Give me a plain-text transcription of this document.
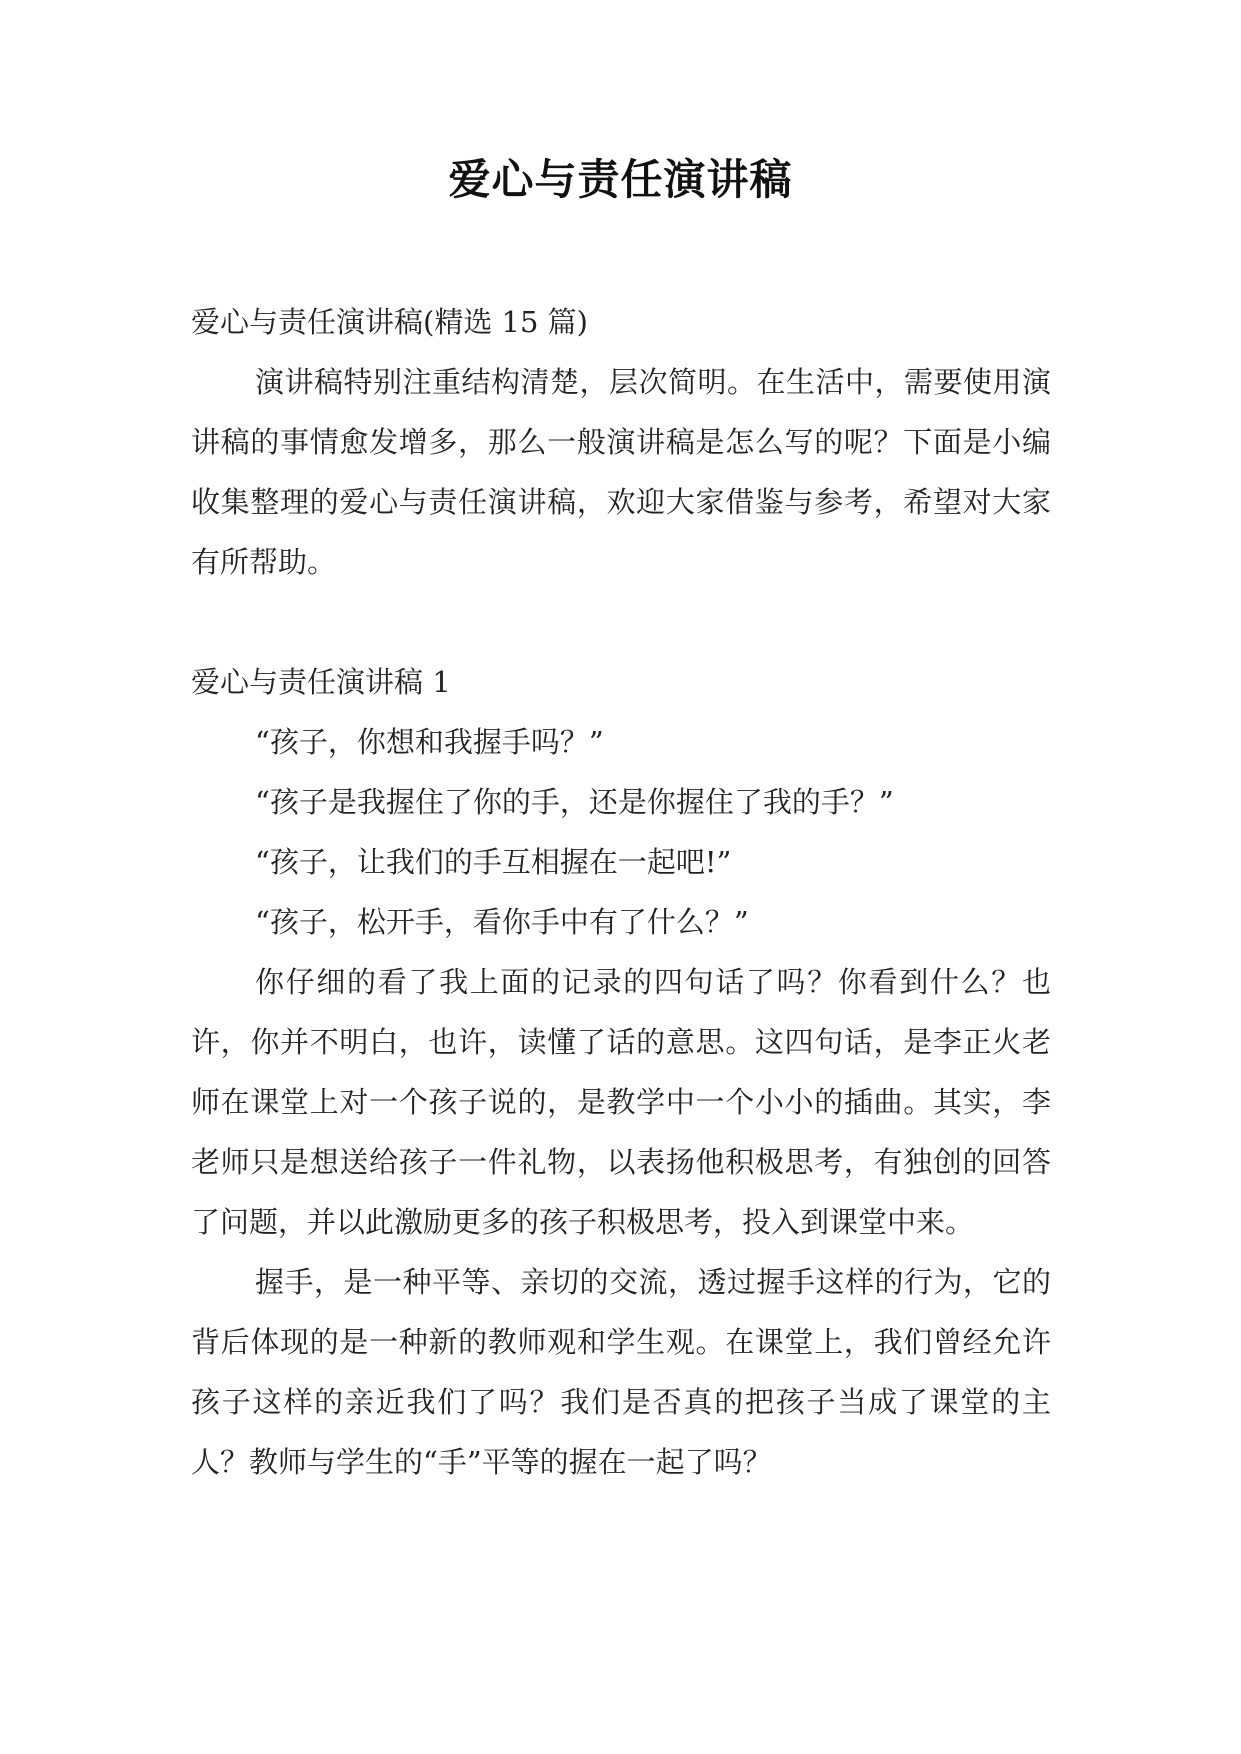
爱心与责任演讲稿
爱心与责任演讲稿(精选 15 篇)

演讲稿特别注重结构清楚，层次简明。在生活中，需要使用演讲稿的事情愈发增多，那么一般演讲稿是怎么写的呢？下面是小编收集整理的爱心与责任演讲稿，欢迎大家借鉴与参考，希望对大家有所帮助。

爱心与责任演讲稿 1
“孩子，你想和我握手吗？”
“孩子是我握住了你的手，还是你握住了我的手？”
“孩子，让我们的手互相握在一起吧!”
“孩子，松开手，看你手中有了什么？”

你仔细的看了我上面的记录的四句话了吗？你看到什么？也许，你并不明白，也许，读懂了话的意思。这四句话，是李正火老师在课堂上对一个孩子说的，是教学中一个小小的插曲。其实，李老师只是想送给孩子一件礼物，以表扬他积极思考，有独创的回答了问题，并以此激励更多的孩子积极思考，投入到课堂中来。

握手，是一种平等、亲切的交流，透过握手这样的行为，它的背后体现的是一种新的教师观和学生观。在课堂上，我们曾经允许孩子这样的亲近我们了吗？我们是否真的把孩子当成了课堂的主人？教师与学生的“手”平等的握在一起了吗？
